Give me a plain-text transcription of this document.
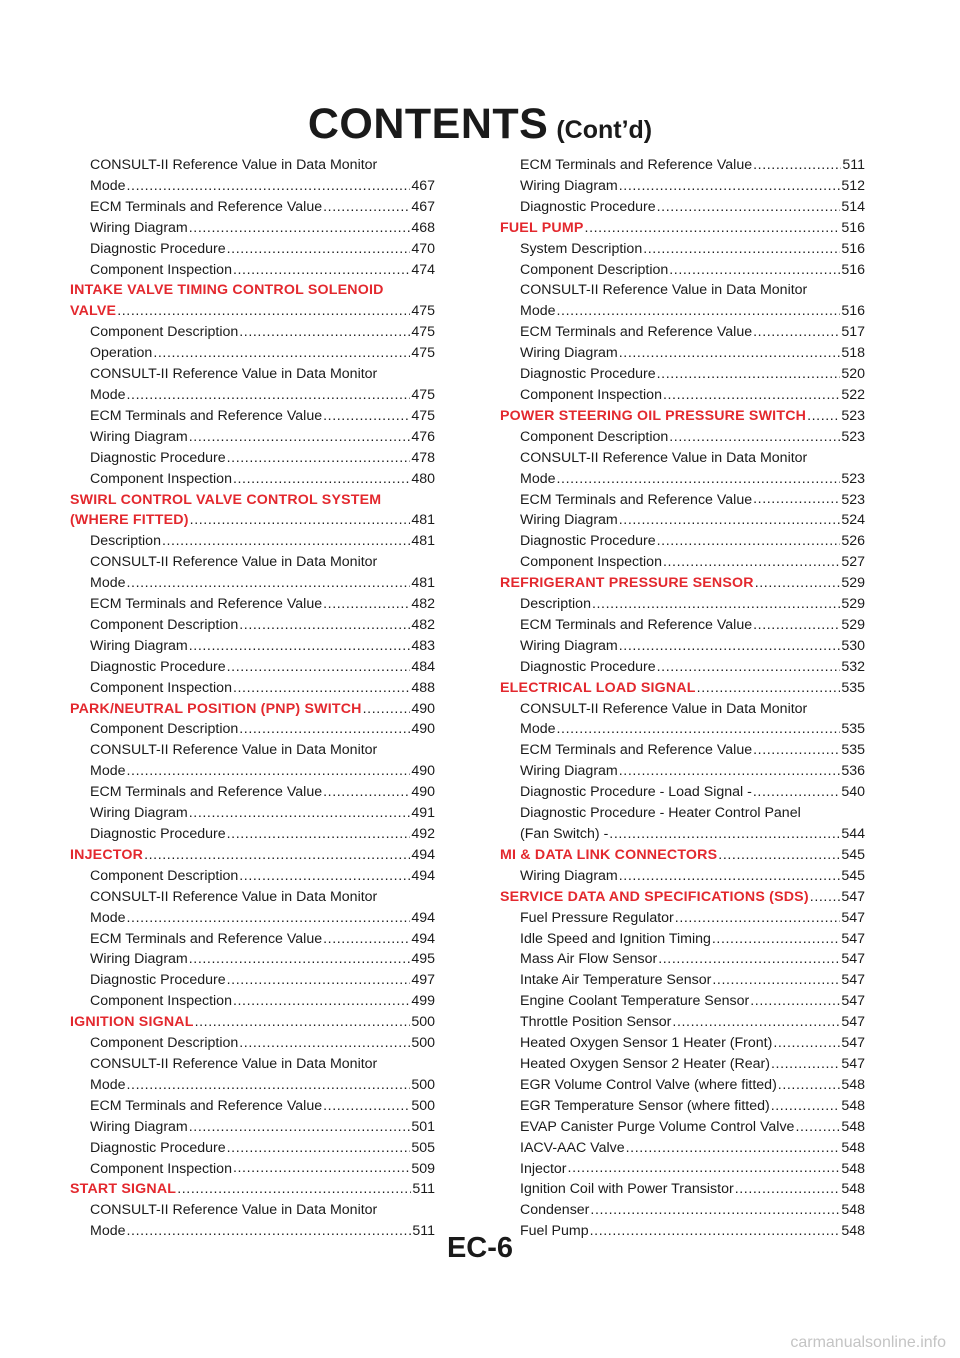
CONTENTS (Cont’d)
CONSULT-II Reference Value in Data Monitor
Mode .....	467
ECM Terminals and Reference Value .....	467
Wiring Diagram .....	468
Diagnostic Procedure .....	470
Component Inspection .....	474
INTAKE VALVE TIMING CONTROL SOLENOID
VALVE .....	475
Component Description .....	475
Operation .....	475
CONSULT-II Reference Value in Data Monitor
Mode .....	475
ECM Terminals and Reference Value .....	475
Wiring Diagram .....	476
Diagnostic Procedure .....	478
Component Inspection .....	480
SWIRL CONTROL VALVE CONTROL SYSTEM
(WHERE FITTED) .....	481
Description .....	481
CONSULT-II Reference Value in Data Monitor
Mode .....	481
ECM Terminals and Reference Value .....	482
Component Description .....	482
Wiring Diagram .....	483
Diagnostic Procedure .....	484
Component Inspection .....	488
PARK/NEUTRAL POSITION (PNP) SWITCH .....	490
Component Description .....	490
CONSULT-II Reference Value in Data Monitor
Mode .....	490
ECM Terminals and Reference Value .....	490
Wiring Diagram .....	491
Diagnostic Procedure .....	492
INJECTOR .....	494
Component Description .....	494
CONSULT-II Reference Value in Data Monitor
Mode .....	494
ECM Terminals and Reference Value .....	494
Wiring Diagram .....	495
Diagnostic Procedure .....	497
Component Inspection .....	499
IGNITION SIGNAL .....	500
Component Description .....	500
CONSULT-II Reference Value in Data Monitor
Mode .....	500
ECM Terminals and Reference Value .....	500
Wiring Diagram .....	501
Diagnostic Procedure .....	505
Component Inspection .....	509
START SIGNAL .....	511
CONSULT-II Reference Value in Data Monitor
Mode .....	511
ECM Terminals and Reference Value .....	511
Wiring Diagram .....	512
Diagnostic Procedure .....	514
FUEL PUMP .....	516
System Description .....	516
Component Description .....	516
CONSULT-II Reference Value in Data Monitor
Mode .....	516
ECM Terminals and Reference Value .....	517
Wiring Diagram .....	518
Diagnostic Procedure .....	520
Component Inspection .....	522
POWER STEERING OIL PRESSURE SWITCH ..... 523
Component Description .....	523
CONSULT-II Reference Value in Data Monitor
Mode .....	523
ECM Terminals and Reference Value .....	523
Wiring Diagram .....	524
Diagnostic Procedure .....	526
Component Inspection .....	527
REFRIGERANT PRESSURE SENSOR .....	529
Description .....	529
ECM Terminals and Reference Value .....	529
Wiring Diagram .....	530
Diagnostic Procedure .....	532
ELECTRICAL LOAD SIGNAL .....	535
CONSULT-II Reference Value in Data Monitor
Mode .....	535
ECM Terminals and Reference Value .....	535
Wiring Diagram .....	536
Diagnostic Procedure - Load Signal - .....	540
Diagnostic Procedure - Heater Control Panel
(Fan Switch) - .....	544
MI & DATA LINK CONNECTORS .....	545
Wiring Diagram .....	545
SERVICE DATA AND SPECIFICATIONS (SDS) ..... 547
Fuel Pressure Regulator .....	547
Idle Speed and Ignition Timing .....	547
Mass Air Flow Sensor .....	547
Intake Air Temperature Sensor .....	547
Engine Coolant Temperature Sensor .....	547
Throttle Position Sensor .....	547
Heated Oxygen Sensor 1 Heater (Front) .....	547
Heated Oxygen Sensor 2 Heater (Rear) .....	547
EGR Volume Control Valve (where fitted) .....	548
EGR Temperature Sensor (where fitted) .....	548
EVAP Canister Purge Volume Control Valve .....	548
IACV-AAC Valve .....	548
Injector .....	548
Ignition Coil with Power Transistor .....	548
Condenser .....	548
Fuel Pump .....	548
EC-6
carmanualsonline.info
